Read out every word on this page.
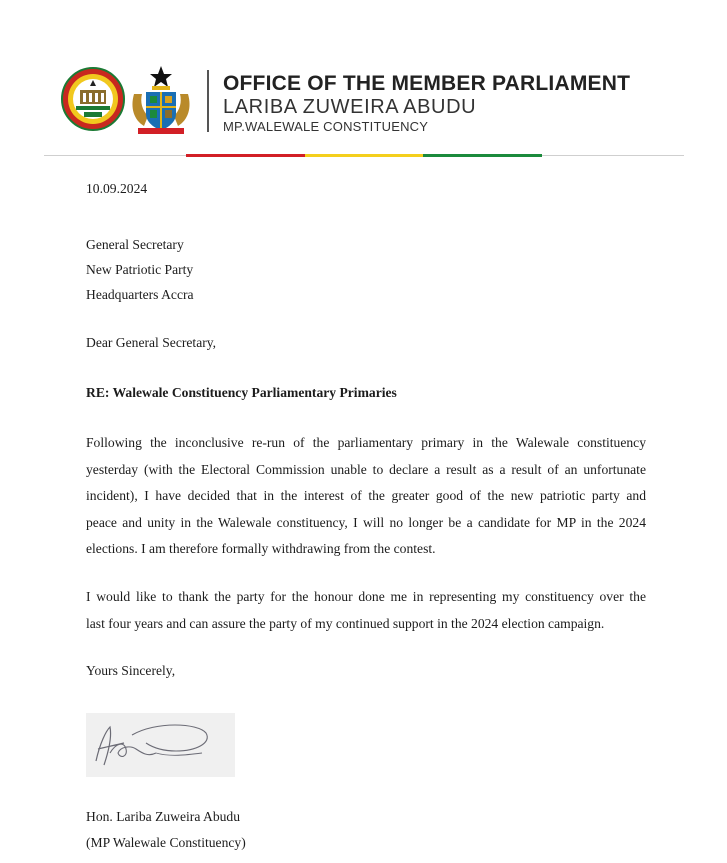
OFFICE OF THE MEMBER PARLIAMENT
LARIBA ZUWEIRA ABUDU
MP.WALEWALE CONSTITUENCY
10.09.2024
General Secretary
New Patriotic Party
Headquarters Accra
Dear General Secretary,
RE: Walewale Constituency Parliamentary Primaries
Following the inconclusive re-run of the parliamentary primary in the Walewale constituency
yesterday (with the Electoral Commission unable to declare a result as a result of an unfortunate
incident), I have decided that in the interest of the greater good of the new patriotic party and
peace and unity in the Walewale constituency, I will no longer be a candidate for MP in the 2024
elections. I am therefore formally withdrawing from the contest.
I would like to thank the party for the honour done me in representing my constituency over the
last four years and can assure the party of my continued support in the 2024 election campaign.
Yours Sincerely,
Hon. Lariba Zuweira Abudu
(MP Walewale Constituency)
